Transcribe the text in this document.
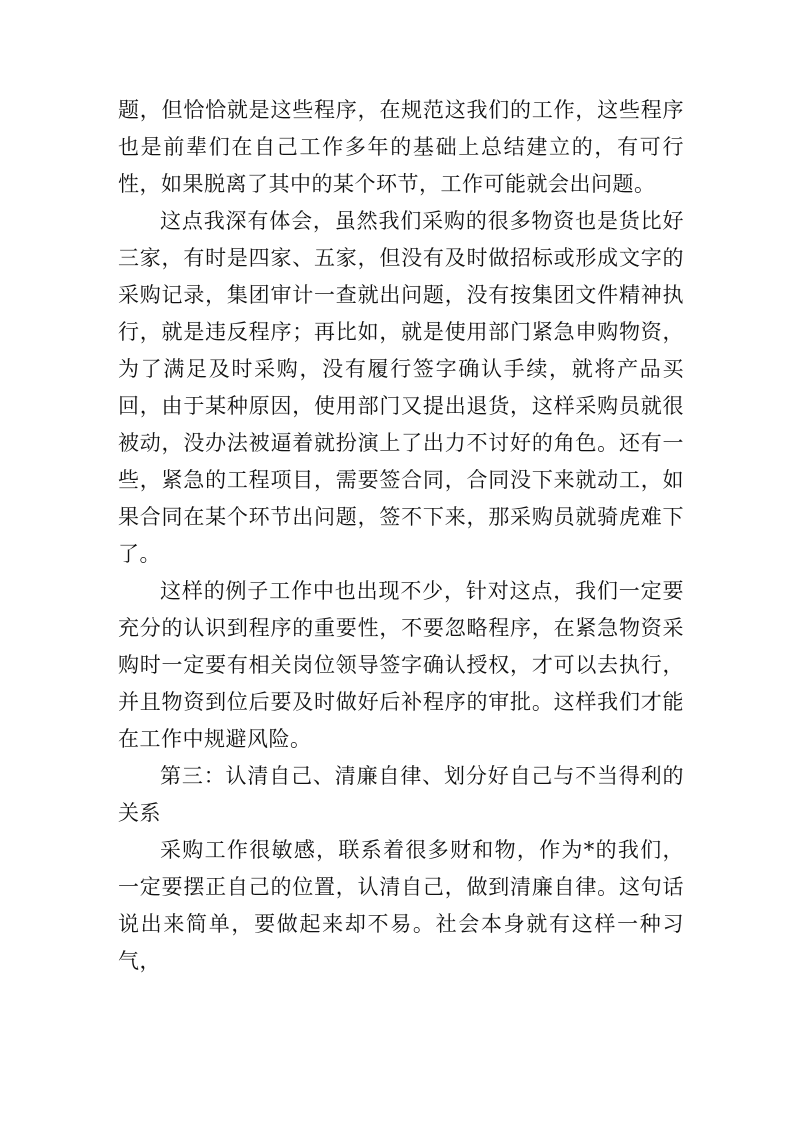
题，但恰恰就是这些程序，在规范这我们的工作，这些程序也是前辈们在自己工作多年的基础上总结建立的，有可行性，如果脱离了其中的某个环节，工作可能就会出问题。

这点我深有体会，虽然我们采购的很多物资也是货比好三家，有时是四家、五家，但没有及时做招标或形成文字的采购记录，集团审计一查就出问题，没有按集团文件精神执行，就是违反程序；再比如，就是使用部门紧急申购物资，为了满足及时采购，没有履行签字确认手续，就将产品买回，由于某种原因，使用部门又提出退货，这样采购员就很被动，没办法被逼着就扮演上了出力不讨好的角色。还有一些，紧急的工程项目，需要签合同，合同没下来就动工，如果合同在某个环节出问题，签不下来，那采购员就骑虎难下了。

这样的例子工作中也出现不少，针对这点，我们一定要充分的认识到程序的重要性，不要忽略程序，在紧急物资采购时一定要有相关岗位领导签字确认授权，才可以去执行，并且物资到位后要及时做好后补程序的审批。这样我们才能在工作中规避风险。

第三：认清自己、清廉自律、划分好自己与不当得利的关系

采购工作很敏感，联系着很多财和物，作为*的我们，一定要摆正自己的位置，认清自己，做到清廉自律。这句话说出来简单，要做起来却不易。社会本身就有这样一种习气，
